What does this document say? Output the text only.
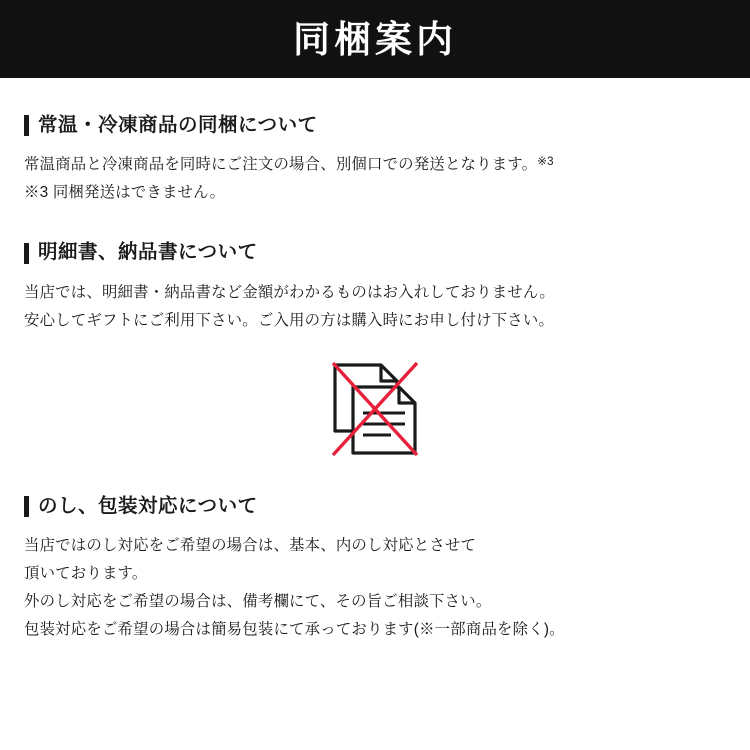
同梱案内
常温・冷凍商品の同梱について

常温商品と冷凍商品を同時にご注文の場合、別個口での発送となります。$^{※3}$

※3 同梱発送はできません。

明細書、納品書について

当店では、明細書・納品書など金額がわかるものはお入れしておりません。

安心してギフトにご利用下さい。ご入用の方は購入時にお申し付け下さい。

のし、包装対応について

当店ではのし対応をご希望の場合は、基本、内のし対応とさせて

頂いております。

外のし対応をご希望の場合は、備考欄にて、その旨ご相談下さい。

包装対応をご希望の場合は簡易包装にて承っております(※一部商品を除く)。
